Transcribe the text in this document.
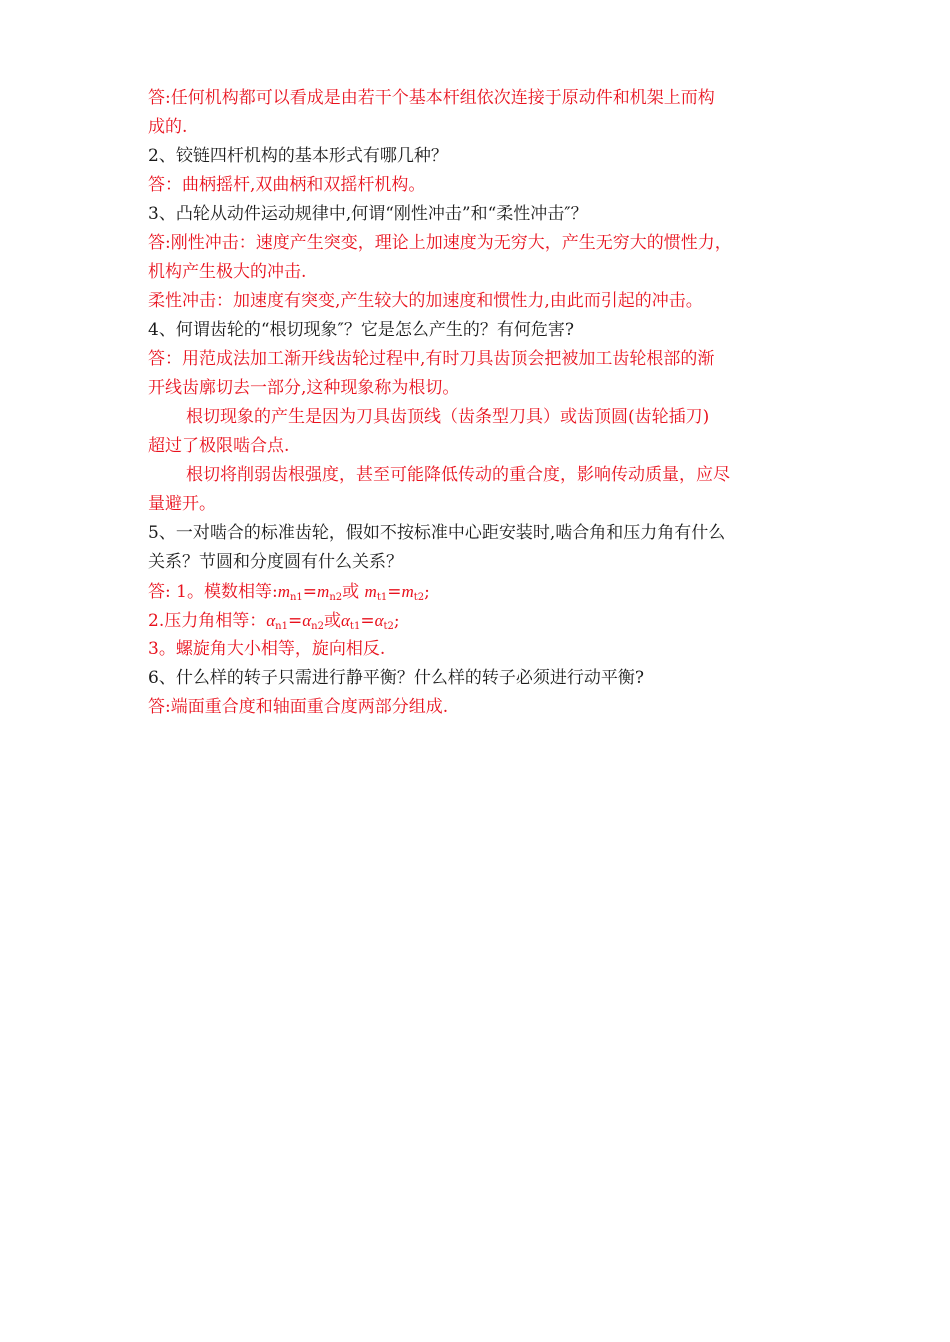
答:任何机构都可以看成是由若干个基本杆组依次连接于原动件和机架上而构
成的.
2、铰链四杆机构的基本形式有哪几种？
答：曲柄摇杆,双曲柄和双摇杆机构。
3、凸轮从动件运动规律中,何谓“刚性冲击”和“柔性冲击″？
答:刚性冲击：速度产生突变，理论上加速度为无穷大，产生无穷大的惯性力，
机构产生极大的冲击.
柔性冲击：加速度有突变,产生较大的加速度和惯性力,由此而引起的冲击。
4、何谓齿轮的“根切现象″？它是怎么产生的？有何危害?
答：用范成法加工渐开线齿轮过程中,有时刀具齿顶会把被加工齿轮根部的渐
开线齿廓切去一部分,这种现象称为根切。
根切现象的产生是因为刀具齿顶线（齿条型刀具）或齿顶圆(齿轮插刀)
超过了极限啮合点.
根切将削弱齿根强度，甚至可能降低传动的重合度，影响传动质量，应尽
量避开。
5、一对啮合的标准齿轮，假如不按标准中心距安装时,啮合角和压力角有什么
关系？节圆和分度圆有什么关系？
答: 1。模数相等$:m_{n1}=m_{n2}$或 $m_{t1}=m_{t2}$;
2.压力角相等：$\alpha_{n1}=\alpha_{n2}$或$\alpha_{t1}=\alpha_{t2}$;
3。螺旋角大小相等，旋向相反.
6、什么样的转子只需进行静平衡？什么样的转子必须进行动平衡?
答:端面重合度和轴面重合度两部分组成.
